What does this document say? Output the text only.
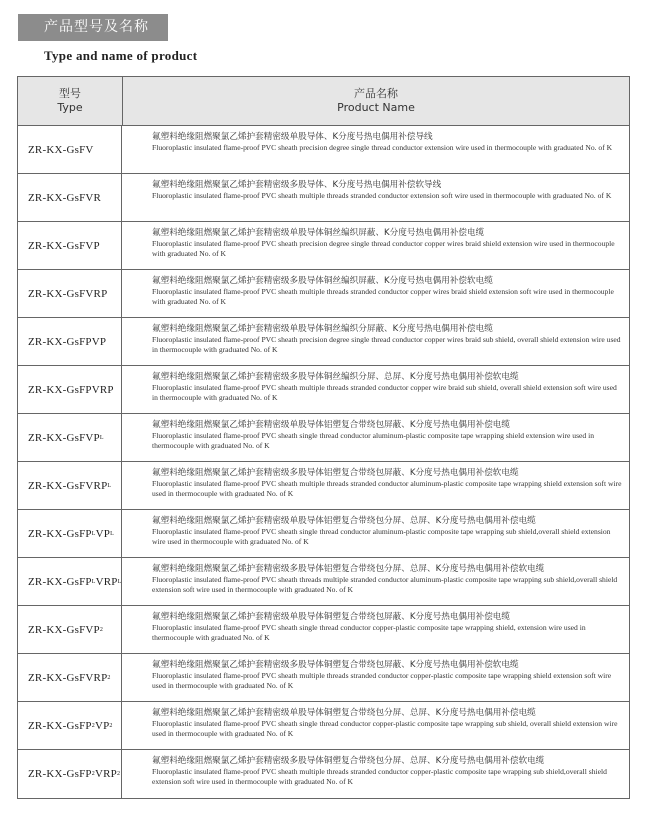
产品型号及名称
Type and name of product
型号
Type
产品名称
Product Name
ZR-KX-GsFV
氟塑料绝缘阻燃聚氯乙烯护套精密级单股导体、K分度号热电偶用补偿导线
Fluoroplastic insulated flame-proof PVC sheath precision degree single thread conductor extension wire used in thermocouple with graduated No. of K
ZR-KX-GsFVR
氟塑料绝缘阻燃聚氯乙烯护套精密级多股导体、K分度号热电偶用补偿软导线
Fluoroplastic insulated flame-proof PVC sheath multiple threads stranded conductor extension soft wire used in thermocouple with graduated No. of K
ZR-KX-GsFVP
氟塑料绝缘阻燃聚氯乙烯护套精密级单股导体铜丝编织屏蔽、K分度号热电偶用补偿电缆
Fluoroplastic insulated flame-proof PVC sheath precision degree single thread conductor copper wires braid shield extension wire used in thermocouple with graduated No. of K
ZR-KX-GsFVRP
氟塑料绝缘阻燃聚氯乙烯护套精密级多股导体铜丝编织屏蔽、K分度号热电偶用补偿软电缆
Fluoroplastic insulated flame-proof PVC sheath multiple threads stranded conductor copper wires braid shield extension soft wire used in thermocouple with graduated No. of K
ZR-KX-GsFPVP
氟塑料绝缘阻燃聚氯乙烯护套精密级单股导体铜丝编织分屏蔽、K分度号热电偶用补偿电缆
Fluoroplastic insulated flame-proof PVC sheath precision degree single thread conductor copper wires braid sub shield, overall shield extension wire used in thermocouple with graduated No. of K
ZR-KX-GsFPVRP
氟塑料绝缘阻燃聚氯乙烯护套精密级多股导体铜丝编织分屏、总屏、K分度号热电偶用补偿软电缆
Fluoroplastic insulated flame-proof PVC sheath multiple threads stranded conductor copper wire braid sub shield, overall shield extension soft wire used in thermocouple with graduated No. of K
ZR-KX-GsFVP L
氟塑料绝缘阻燃聚氯乙烯护套精密级单股导体铝塑复合带绕包屏蔽、K分度号热电偶用补偿电缆
Fluoroplastic insulated flame-proof PVC sheath single thread conductor aluminum-plastic composite tape wrapping shield extension wire used in thermocouple with graduated No. of K
ZR-KX-GsFVRP L
氟塑料绝缘阻燃聚氯乙烯护套精密级多股导体铝塑复合带绕包屏蔽、K分度号热电偶用补偿软电缆
Fluoroplastic insulated flame-proof PVC sheath multiple threads stranded conductor aluminum-plastic composite tape wrapping shield extension soft wire used in thermocouple with graduated No. of K
ZR-KX-GsFP L VP L
氟塑料绝缘阻燃聚氯乙烯护套精密级单股导体铝塑复合带绕包分屏、总屏、K分度号热电偶用补偿电缆
Fluoroplastic insulated flame-proof PVC sheath single thread conductor aluminum-plastic composite tape wrapping sub shield,overall shield extension wire used in thermocouple with graduated No. of K
ZR-KX-GsFP L VRP L
氟塑料绝缘阻燃聚氯乙烯护套精密级多股导体铝塑复合带绕包分屏、总屏、K分度号热电偶用补偿软电缆
Fluoroplastic insulated flame-proof PVC sheath threads multiple stranded conductor aluminum-plastic composite tape wrapping sub shield,overall shield extension soft wire used in thermocouple with graduated No. of K
ZR-KX-GsFVP 2
氟塑料绝缘阻燃聚氯乙烯护套精密级单股导体铜塑复合带绕包屏蔽、K分度号热电偶用补偿电缆
Fluoroplastic insulated flame-proof PVC sheath single thread conductor copper-plastic composite tape wrapping shield, extension wire used in thermocouple with graduated No. of K
ZR-KX-GsFVRP 2
氟塑料绝缘阻燃聚氯乙烯护套精密级多股导体铜塑复合带绕包屏蔽、K分度号热电偶用补偿软电缆
Fluoroplastic insulated flame-proof PVC sheath multiple threads stranded conductor copper-plastic composite tape wrapping shield extension soft wire used in thermocouple with graduated No. of K
ZR-KX-GsFP 2 VP 2
氟塑料绝缘阻燃聚氯乙烯护套精密级单股导体铜塑复合带绕包分屏、总屏、K分度号热电偶用补偿电缆
Fluoroplastic insulated flame-proof PVC sheath single thread conductor copper-plastic composite tape wrapping sub shield, overall shield extension wire used in thermocouple with graduated No. of K
ZR-KX-GsFP 2 VRP 2
氟塑料绝缘阻燃聚氯乙烯护套精密级多股导体铜塑复合带绕包分屏、总屏、K分度号热电偶用补偿软电缆
Fluoroplastic insulated flame-proof PVC sheath multiple threads stranded conductor copper-plastic composite tape wrapping sub shield,overall shield extension soft wire used in thermocouple with graduated No. of K
